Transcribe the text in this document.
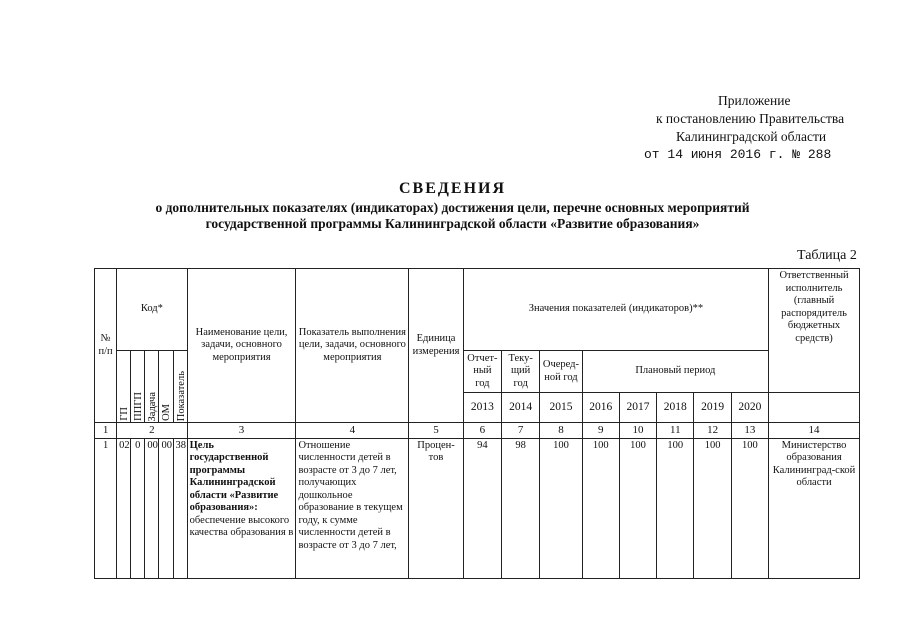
Приложение
к постановлению Правительства
Калининградской области
от 14 июня 2016 г. № 288
СВЕДЕНИЯ
о дополнительных показателях (индикаторах) достижения цели, перечне основных мероприятий
государственной программы Калининградской области «Развитие образования»
Таблица 2
№ п/п	Код*					Наименование цели, задачи, основного мероприятия	Показатель выполнения цели, задачи, основного мероприятия	Единица измерения	Значения показателей (индикаторов)**								Ответственный исполнитель (главный распорядитель бюджетных средств)

	ГП	ППГП	Задача	ОМ	Показатель				Отчет-ный год	Теку-щий год	Очеред-ной год	Плановый период					
									2013	2014	2015	2016	2017	2018	2019	2020	
1	2					3	4	5	6	7	8	9	10	11	12	13	14
1	02	0	00	00	38	Цель государственной программы Калининградской области «Развитие образования»: обеспечение высокого качества образования в	Отношение численности детей в возрасте от 3 до 7 лет, получающих дошкольное образование в текущем году, к сумме численности детей в возрасте от 3 до 7 лет,	Процен-тов	94	98	100	100	100	100	100	100	Министерство образования Калининград-ской области
